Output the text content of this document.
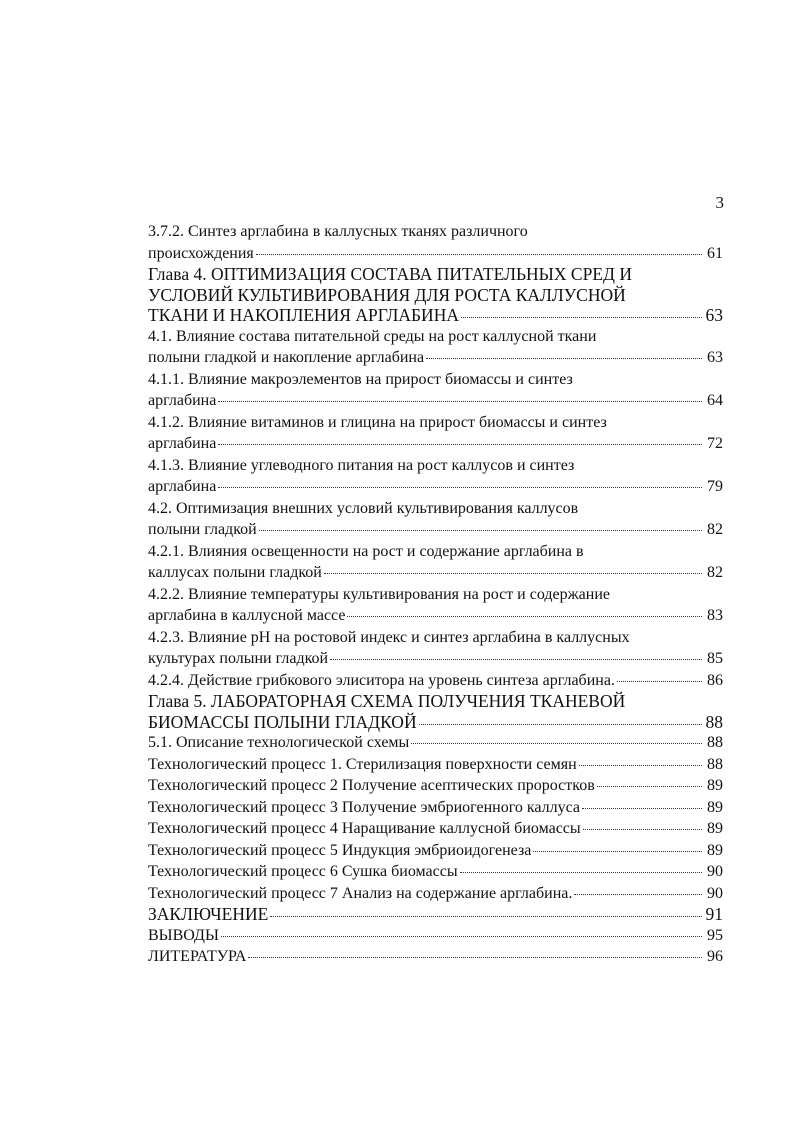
3
3.7.2. Синтез арглабина в каллусных тканях различного
происхождения	61
Глава 4. ОПТИМИЗАЦИЯ СОСТАВА ПИТАТЕЛЬНЫХ СРЕД И
УСЛОВИЙ КУЛЬТИВИРОВАНИЯ ДЛЯ РОСТА КАЛЛУСНОЙ
ТКАНИ И НАКОПЛЕНИЯ АРГЛАБИНА	63
4.1. Влияние состава питательной среды на рост каллусной ткани
полыни гладкой и накопление арглабина	63
4.1.1. Влияние макроэлементов на прирост биомассы и синтез
арглабина	64
4.1.2. Влияние витаминов и глицина на прирост биомассы и синтез
арглабина	72
4.1.3. Влияние углеводного питания на рост каллусов и синтез
арглабина	79
4.2. Оптимизация внешних условий культивирования каллусов
полыни гладкой	82
4.2.1. Влияния освещенности на рост и содержание арглабина в
каллусах полыни гладкой	82
4.2.2. Влияние температуры культивирования на рост и содержание
арглабина в каллусной массе	83
4.2.3. Влияние pH на ростовой индекс и синтез арглабина в каллусных
культурах полыни гладкой	85
4.2.4. Действие грибкового элиситора на уровень синтеза арглабина.	86
Глава 5. ЛАБОРАТОРНАЯ СХЕМА ПОЛУЧЕНИЯ ТКАНЕВОЙ
БИОМАССЫ ПОЛЫНИ ГЛАДКОЙ	88
5.1. Описание технологической схемы	88
Технологический процесс 1. Стерилизация поверхности семян	88
Технологический процесс 2 Получение асептических проростков	89
Технологический процесс 3 Получение эмбриогенного каллуса	89
Технологический процесс 4 Наращивание каллусной биомассы	89
Технологический процесс 5 Индукция эмбриоидогенеза	89
Технологический процесс 6 Сушка биомассы	90
Технологический процесс 7 Анализ на содержание арглабина.	90
ЗАКЛЮЧЕНИЕ	91
ВЫВОДЫ	95
ЛИТЕРАТУРА	96
